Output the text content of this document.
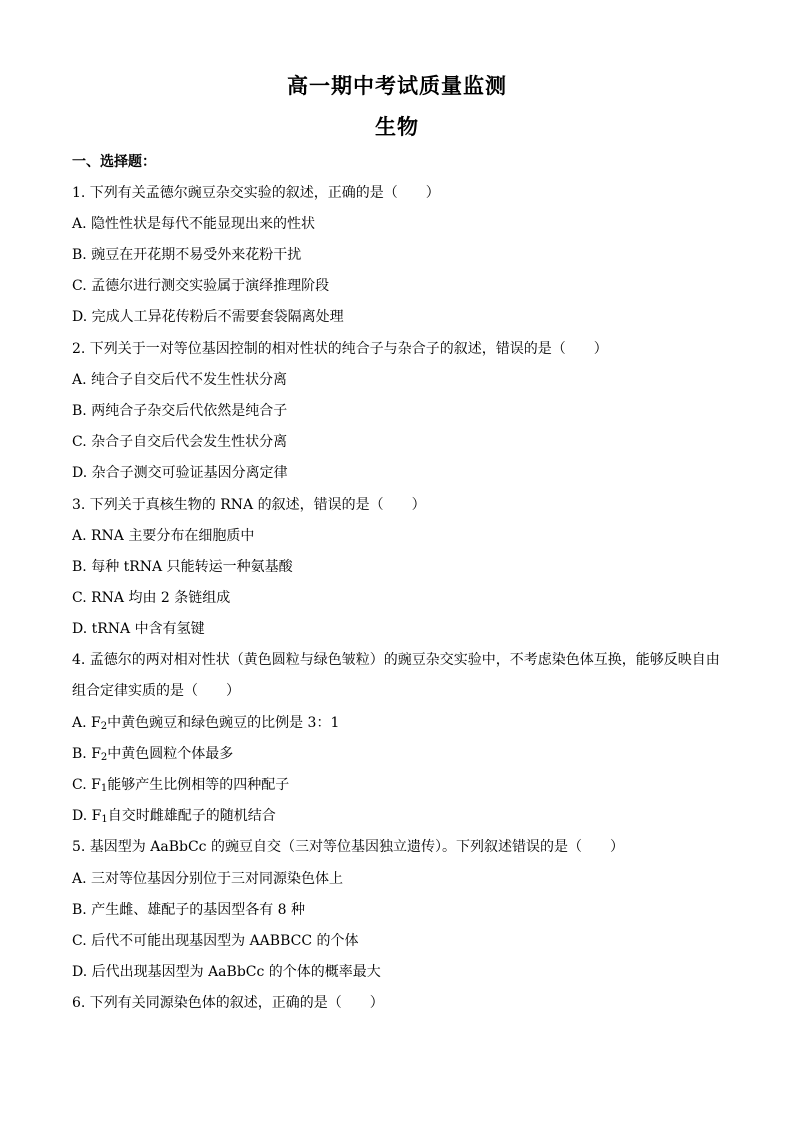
高一期中考试质量监测
生物
一、选择题：
1. 下列有关孟德尔豌豆杂交实验的叙述，正确的是（　　）
A. 隐性性状是每代不能显现出来的性状
B. 豌豆在开花期不易受外来花粉干扰
C. 孟德尔进行测交实验属于演绎推理阶段
D. 完成人工异花传粉后不需要套袋隔离处理
2. 下列关于一对等位基因控制的相对性状的纯合子与杂合子的叙述，错误的是（　　）
A. 纯合子自交后代不发生性状分离
B. 两纯合子杂交后代依然是纯合子
C. 杂合子自交后代会发生性状分离
D. 杂合子测交可验证基因分离定律
3. 下列关于真核生物的 RNA 的叙述，错误的是（　　）
A. RNA 主要分布在细胞质中
B. 每种 tRNA 只能转运一种氨基酸
C. RNA 均由 2 条链组成
D. tRNA 中含有氢键
4. 孟德尔的两对相对性状（黄色圆粒与绿色皱粒）的豌豆杂交实验中，不考虑染色体互换，能够反映自由
组合定律实质的是（　　）
A. $F_2$中黄色豌豆和绿色豌豆的比例是 3：1
B. $F_2$中黄色圆粒个体最多
C. $F_1$能够产生比例相等的四种配子
D. $F_1$自交时雌雄配子的随机结合
5. 基因型为 AaBbCc 的豌豆自交（三对等位基因独立遗传）。下列叙述错误的是（　　）
A. 三对等位基因分别位于三对同源染色体上
B. 产生雌、雄配子的基因型各有 8 种
C. 后代不可能出现基因型为 AABBCC 的个体
D. 后代出现基因型为 AaBbCc 的个体的概率最大
6. 下列有关同源染色体的叙述，正确的是（　　）
